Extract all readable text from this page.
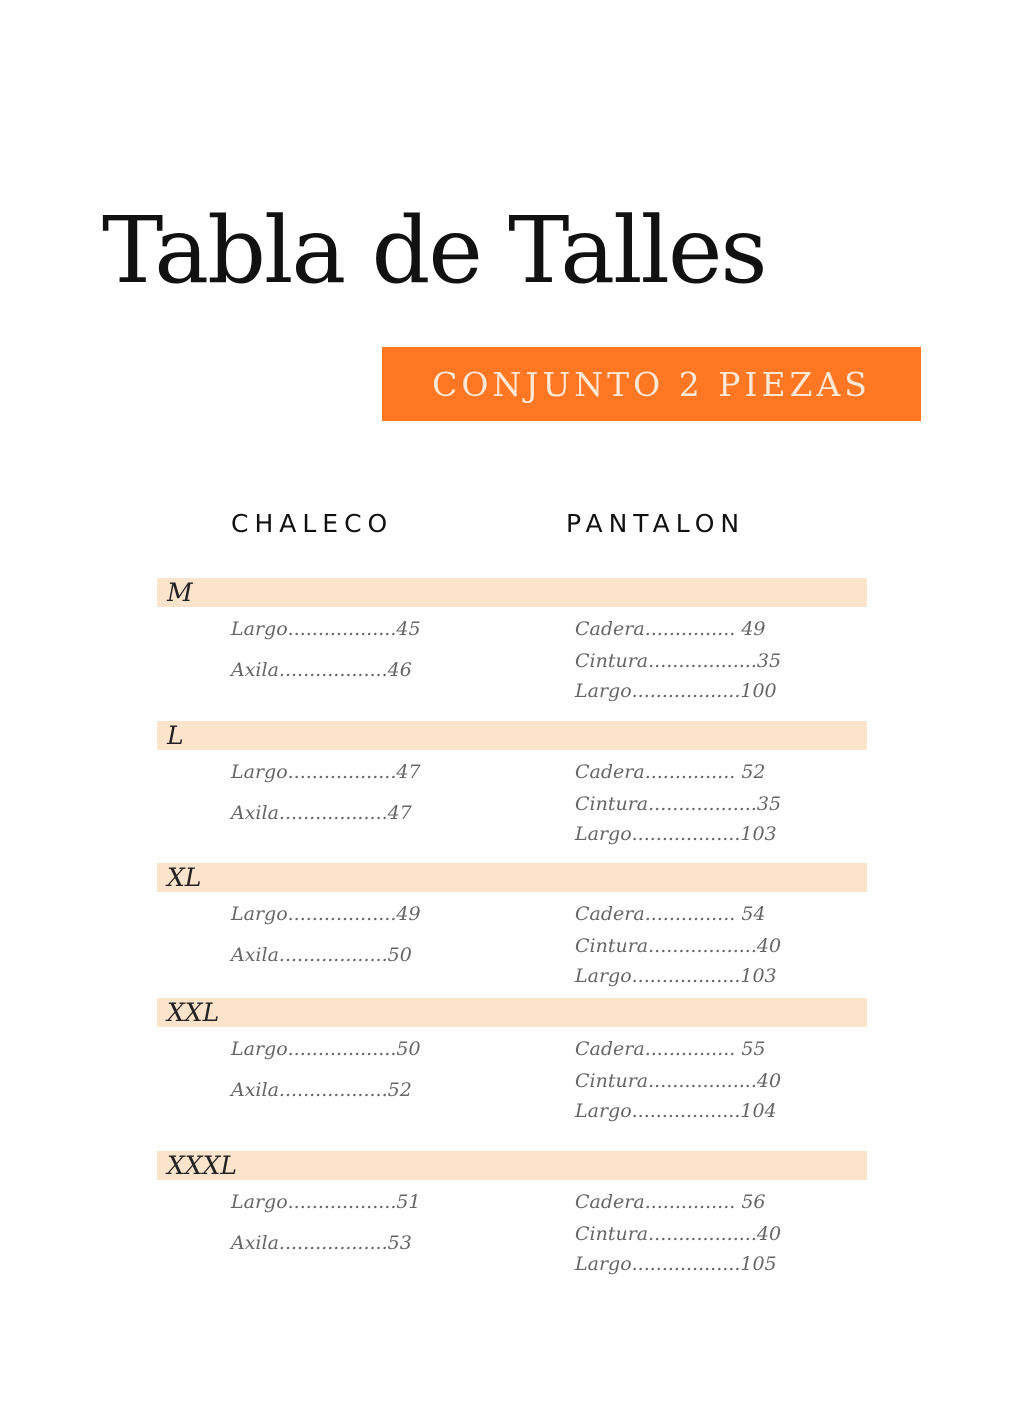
Tabla de Talles
CONJUNTO 2 PIEZAS
CHALECO	PANTALON
M
Largo .................. 45
Axila .................. 46
Cadera ............... 49
Cintura .................. 35
Largo .................. 100
L
Largo .................. 47
Axila .................. 47
Cadera ............... 52
Cintura .................. 35
Largo .................. 103
XL
Largo .................. 49
Axila .................. 50
Cadera ............... 54
Cintura .................. 40
Largo .................. 103
XXL
Largo .................. 50
Axila .................. 52
Cadera ............... 55
Cintura .................. 40
Largo .................. 104
XXXL
Largo .................. 51
Axila .................. 53
Cadera ............... 56
Cintura .................. 40
Largo .................. 105
